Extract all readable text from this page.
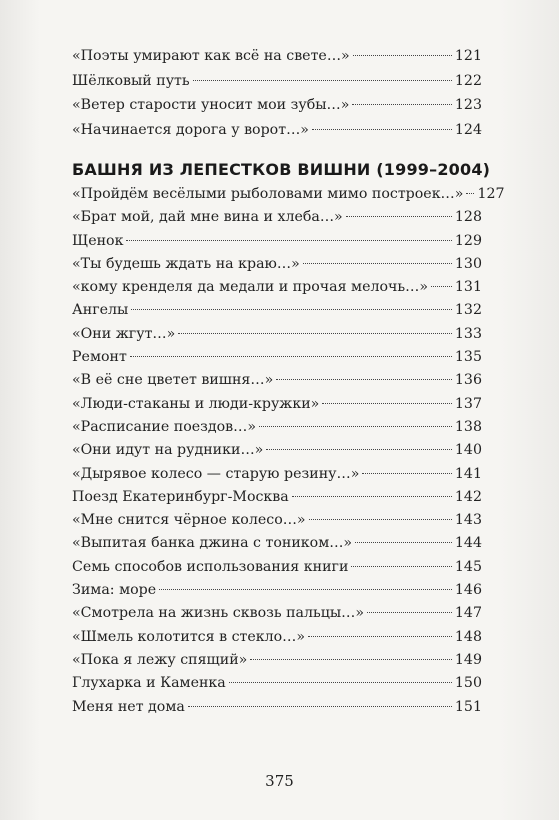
«Поэты умирают как всё на свете…»	121
Шёлковый путь	122
«Ветер старости уносит мои зубы…»	123
«Начинается дорога у ворот…»	124
БАШНЯ ИЗ ЛЕПЕСТКОВ ВИШНИ (1999–2004)
«Пройдём весёлыми рыболовами мимо построек…» 127
«Брат мой, дай мне вина и хлеба…»	128
Щенок	129
«Ты будешь ждать на краю…»	130
«кому кренделя да медали и прочая мелочь…» 131
Ангелы	132
«Они жгут…»	133
Ремонт	135
«В её сне цветет вишня…»	136
«Люди-стаканы и люди-кружки»	137
«Расписание поездов…»	138
«Они идут на рудники…»	140
«Дырявое колесо — старую резину…»	141
Поезд Екатеринбург-Москва	142
«Мне снится чёрное колесо…»	143
«Выпитая банка джина с тоником…»	144
Семь способов использования книги	145
Зима: море	146
«Смотрела на жизнь сквозь пальцы…»	147
«Шмель колотится в стекло…»	148
«Пока я лежу спящий»	149
Глухарка и Каменка	150
Меня нет дома	151
375
